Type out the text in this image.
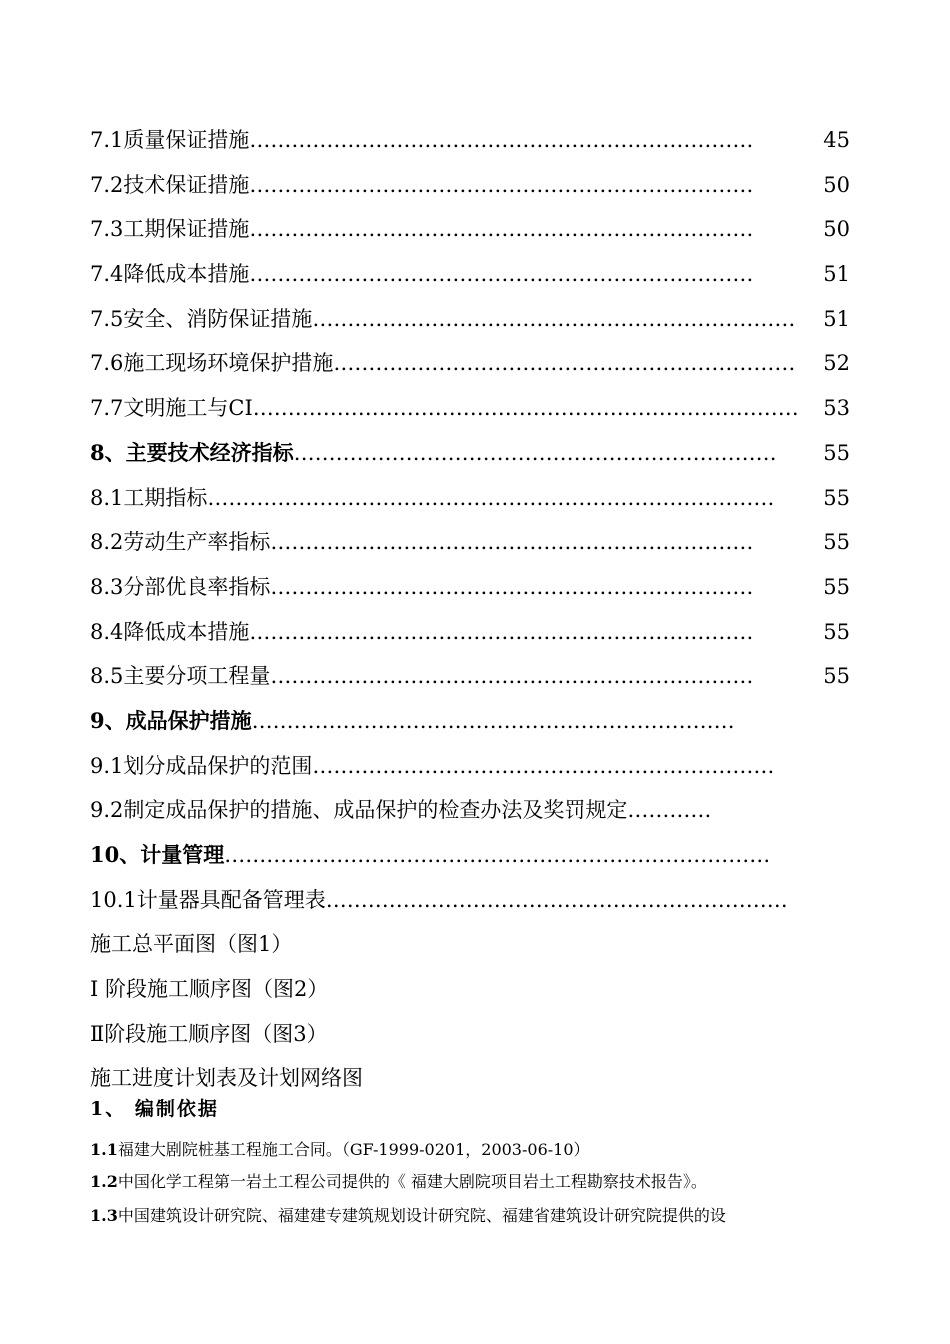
7.1质量保证措施 ………………………………………………………………	45
7.2技术保证措施 ………………………………………………………………	50
7.3工期保证措施 ………………………………………………………………	50
7.4降低成本措施 ………………………………………………………………	51
7.5安全、消防保证措施 ……………………………………………………………	51
7.6施工现场环境保护措施 …………………………………………………………	52
7.7文明施工与CI ……………………………………………………………………	53
8、主要技术经济指标 ……………………………………………………………	55
8.1工期指标 ………………………………………………………………………	55
8.2劳动生产率指标 ……………………………………………………………	55
8.3分部优良率指标 ……………………………………………………………	55
8.4降低成本措施 ………………………………………………………………	55
8.5主要分项工程量 ……………………………………………………………	55
9、成品保护措施 ……………………………………………………………
9.1划分成品保护的范围 …………………………………………………………
9.2制定成品保护的措施、成品保护的检查办法及奖罚规定 …………
10、计量管理 ……………………………………………………………………
10.1计量器具配备管理表 …………………………………………………………
施工总平面图（图1）
Ⅰ 阶段施工顺序图（图2）
Ⅱ阶段施工顺序图（图3）
施工进度计划表及计划网络图
1、 编制依据
1.1福建大剧院桩基工程施工合同。（GF-1999-0201，2003-06-10）
1.2中国化学工程第一岩土工程公司提供的《 福建大剧院项目岩土工程勘察技术报告》。
1.3中国建筑设计研究院、福建建专建筑规划设计研究院、福建省建筑设计研究院提供的设
